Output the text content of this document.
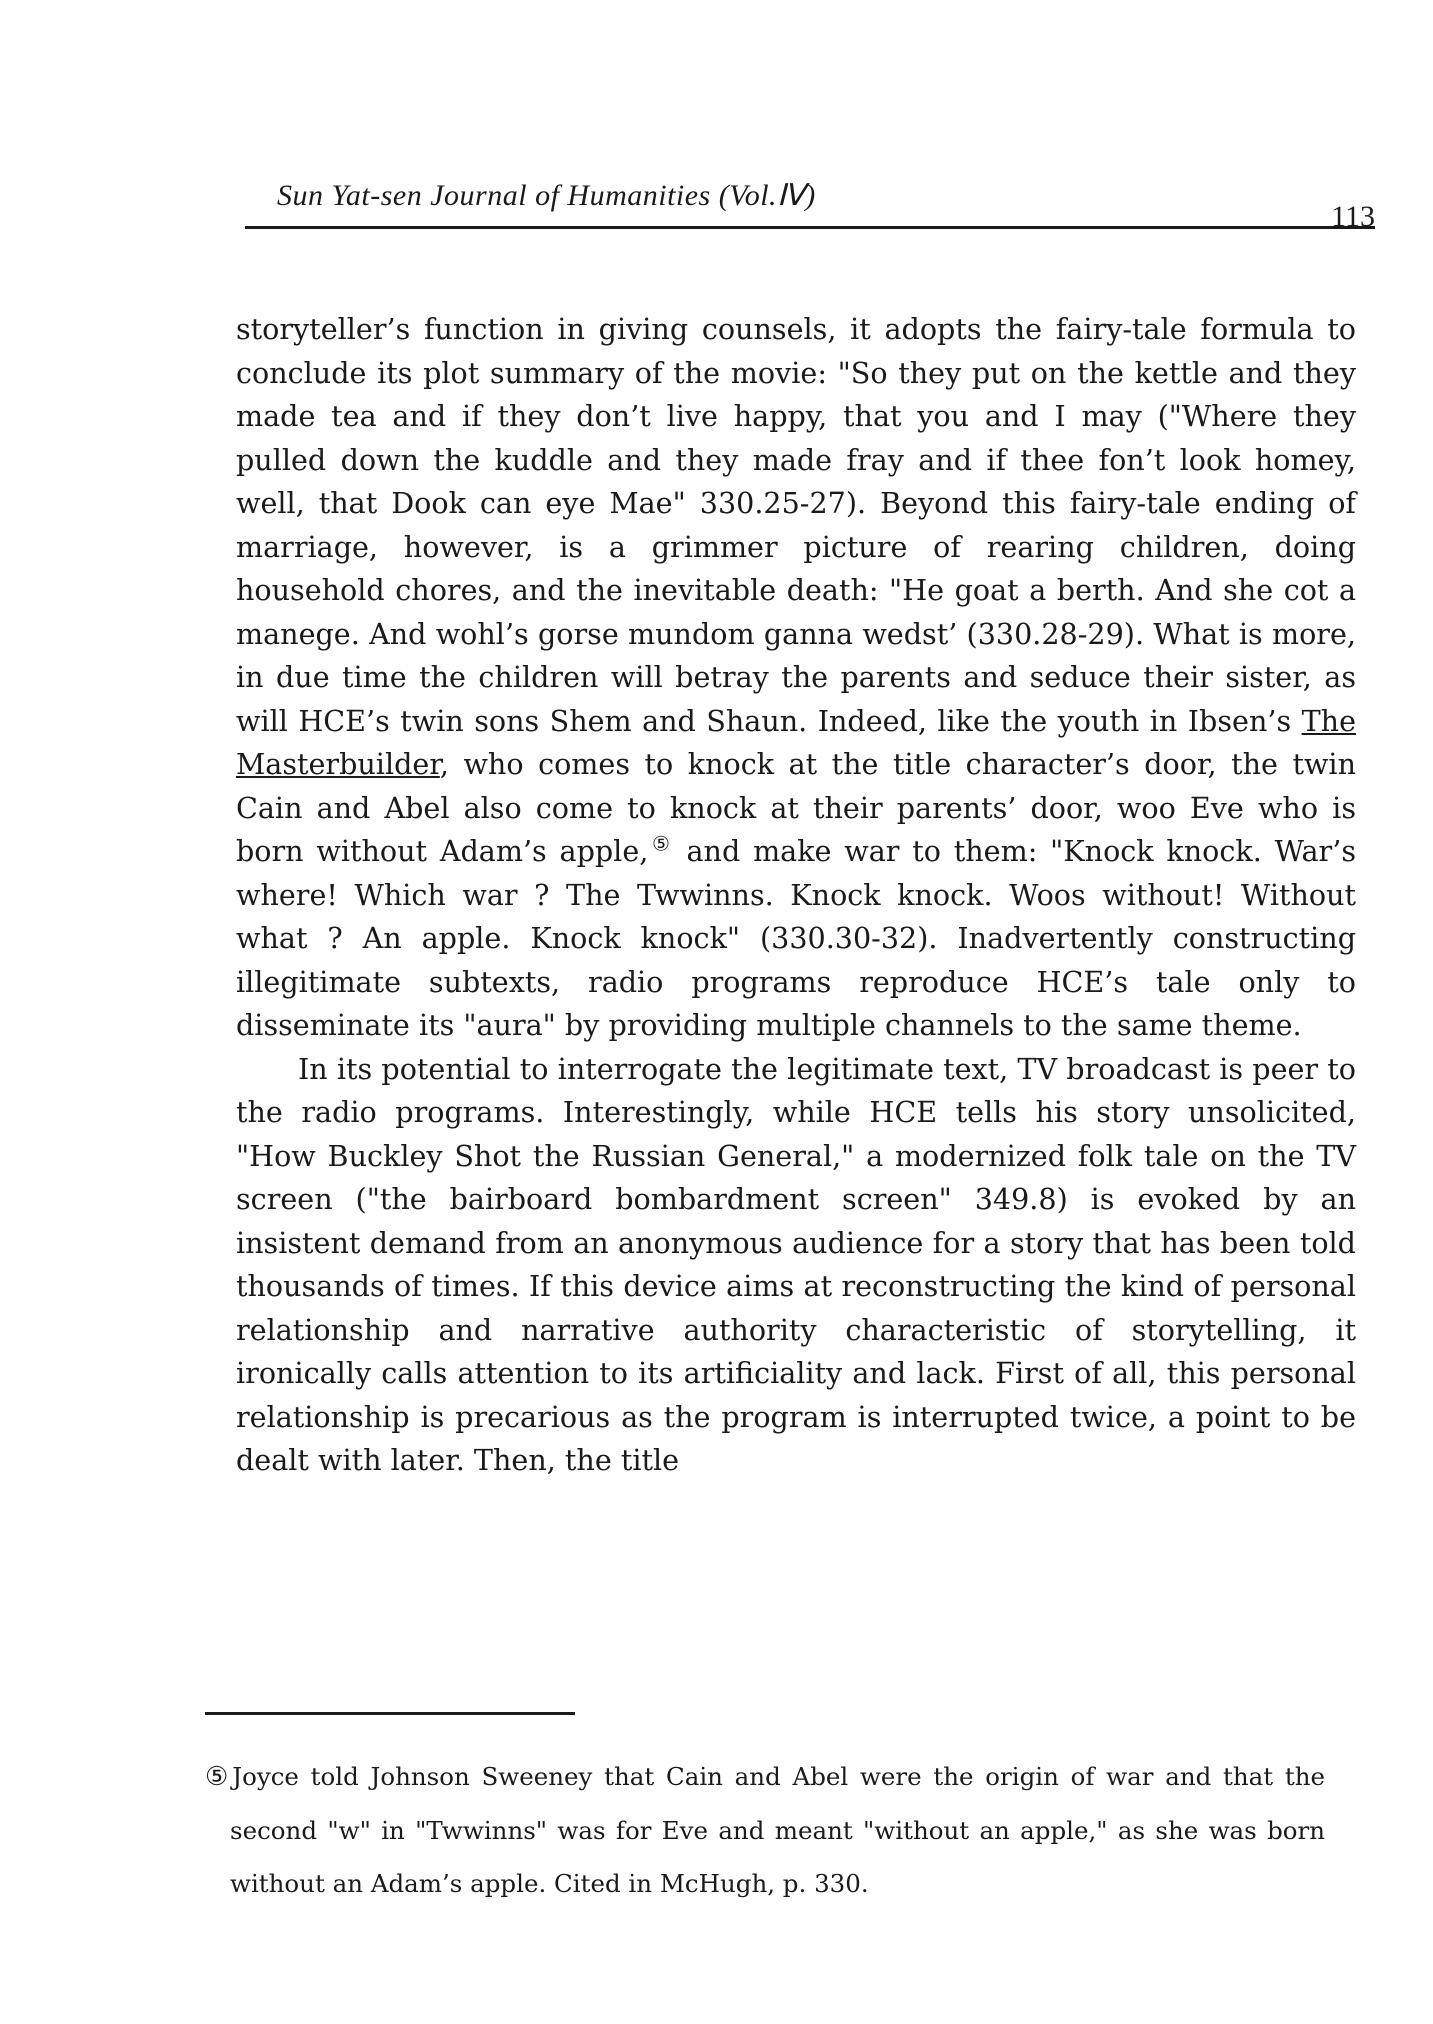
Sun Yat-sen Journal of Humanities (Vol.Ⅳ)
113

storyteller’s function in giving counsels, it adopts the fairy-tale formula to conclude its plot summary of the movie: "So they put on the kettle and they made tea and if they don’t live happy, that you and I may ("Where they pulled down the kuddle and they made fray and if thee fon’t look homey, well, that Dook can eye Mae" 330.25-27). Beyond this fairy-tale ending of marriage, however, is a grimmer picture of rearing children, doing household chores, and the inevitable death: "He goat a berth. And she cot a manege. And wohl’s gorse mundom ganna wedst’ (330.28-29). What is more, in due time the children will betray the parents and seduce their sister, as will HCE’s twin sons Shem and Shaun. Indeed, like the youth in Ibsen’s The Masterbuilder, who comes to knock at the title character’s door, the twin Cain and Abel also come to knock at their parents’ door, woo Eve who is born without Adam’s apple,⑤ and make war to them: "Knock knock. War’s where! Which war ? The Twwinns. Knock knock. Woos without! Without what ? An apple. Knock knock" (330.30-32). Inadvertently constructing illegitimate subtexts, radio programs reproduce HCE’s tale only to disseminate its "aura" by providing multiple channels to the same theme.

In its potential to interrogate the legitimate text, TV broadcast is peer to the radio programs. Interestingly, while HCE tells his story unsolicited, "How Buckley Shot the Russian General," a modernized folk tale on the TV screen ("the bairboard bombardment screen" 349.8) is evoked by an insistent demand from an anonymous audience for a story that has been told thousands of times. If this device aims at reconstructing the kind of personal relationship and narrative authority characteristic of storytelling, it ironically calls attention to its artificiality and lack. First of all, this personal relationship is precarious as the program is interrupted twice, a point to be dealt with later. Then, the title

⑤Joyce told Johnson Sweeney that Cain and Abel were the origin of war and that the second "w" in "Twwinns" was for Eve and meant "without an apple," as she was born without an Adam’s apple. Cited in McHugh, p. 330.
